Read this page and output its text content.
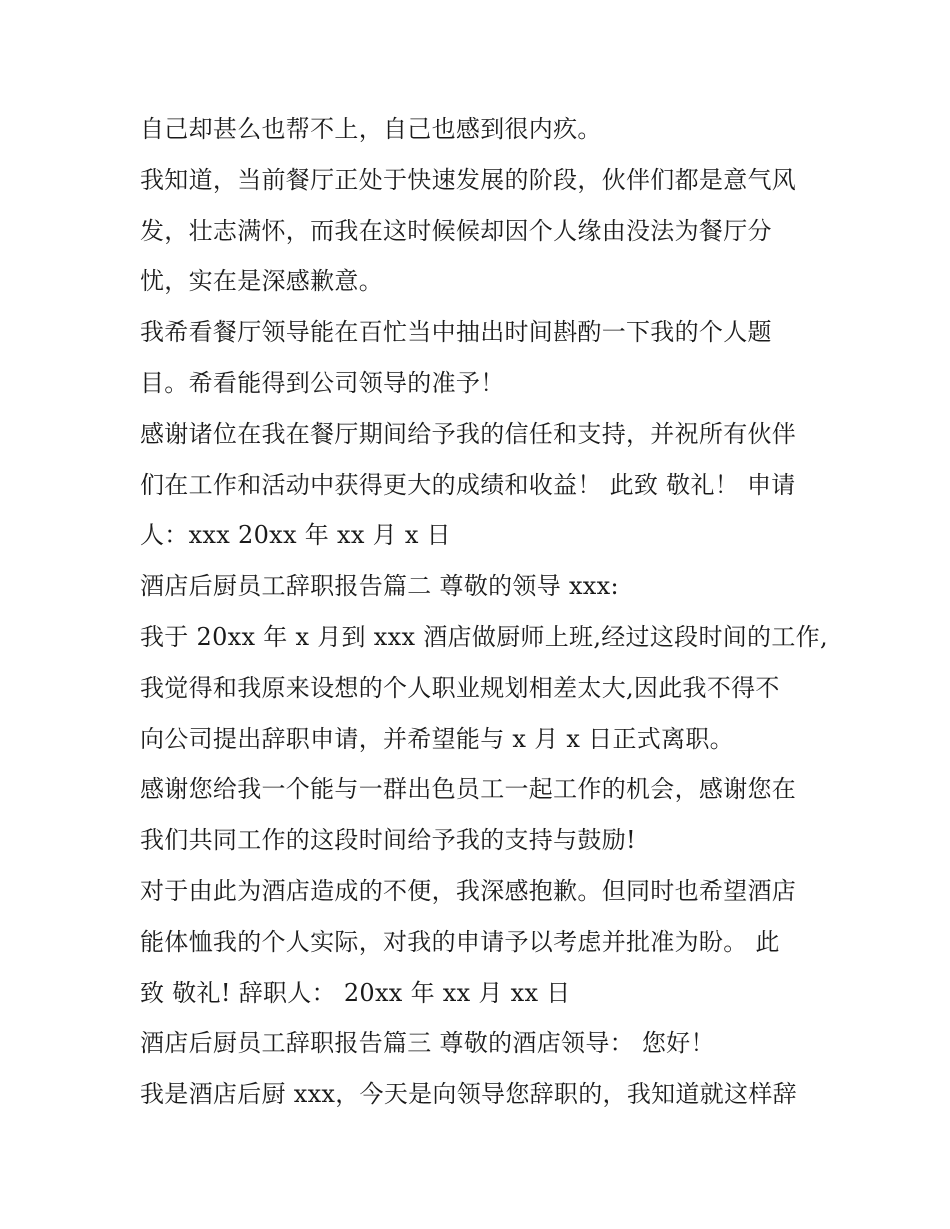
自己却甚么也帮不上，自己也感到很内疚。
我知道，当前餐厅正处于快速发展的阶段，伙伴们都是意气风
发，壮志满怀，而我在这时候候却因个人缘由没法为餐厅分
忧，实在是深感歉意。
我希看餐厅领导能在百忙当中抽出时间斟酌一下我的个人题
目。希看能得到公司领导的准予！
感谢诸位在我在餐厅期间给予我的信任和支持，并祝所有伙伴
们在工作和活动中获得更大的成绩和收益！ 此致 敬礼！ 申请
人：xxx 20xx 年 xx 月 x 日
酒店后厨员工辞职报告篇二 尊敬的领导 xxx:
我于 20xx 年 x 月到 xxx 酒店做厨师上班,经过这段时间的工作,
我觉得和我原来设想的个人职业规划相差太大,因此我不得不
向公司提出辞职申请，并希望能与 x 月 x 日正式离职。
感谢您给我一个能与一群出色员工一起工作的机会，感谢您在
我们共同工作的这段时间给予我的支持与鼓励!
对于由此为酒店造成的不便，我深感抱歉。但同时也希望酒店
能体恤我的个人实际，对我的申请予以考虑并批准为盼。 此
致 敬礼! 辞职人： 20xx 年 xx 月 xx 日
酒店后厨员工辞职报告篇三 尊敬的酒店领导： 您好！
我是酒店后厨 xxx，今天是向领导您辞职的，我知道就这样辞
